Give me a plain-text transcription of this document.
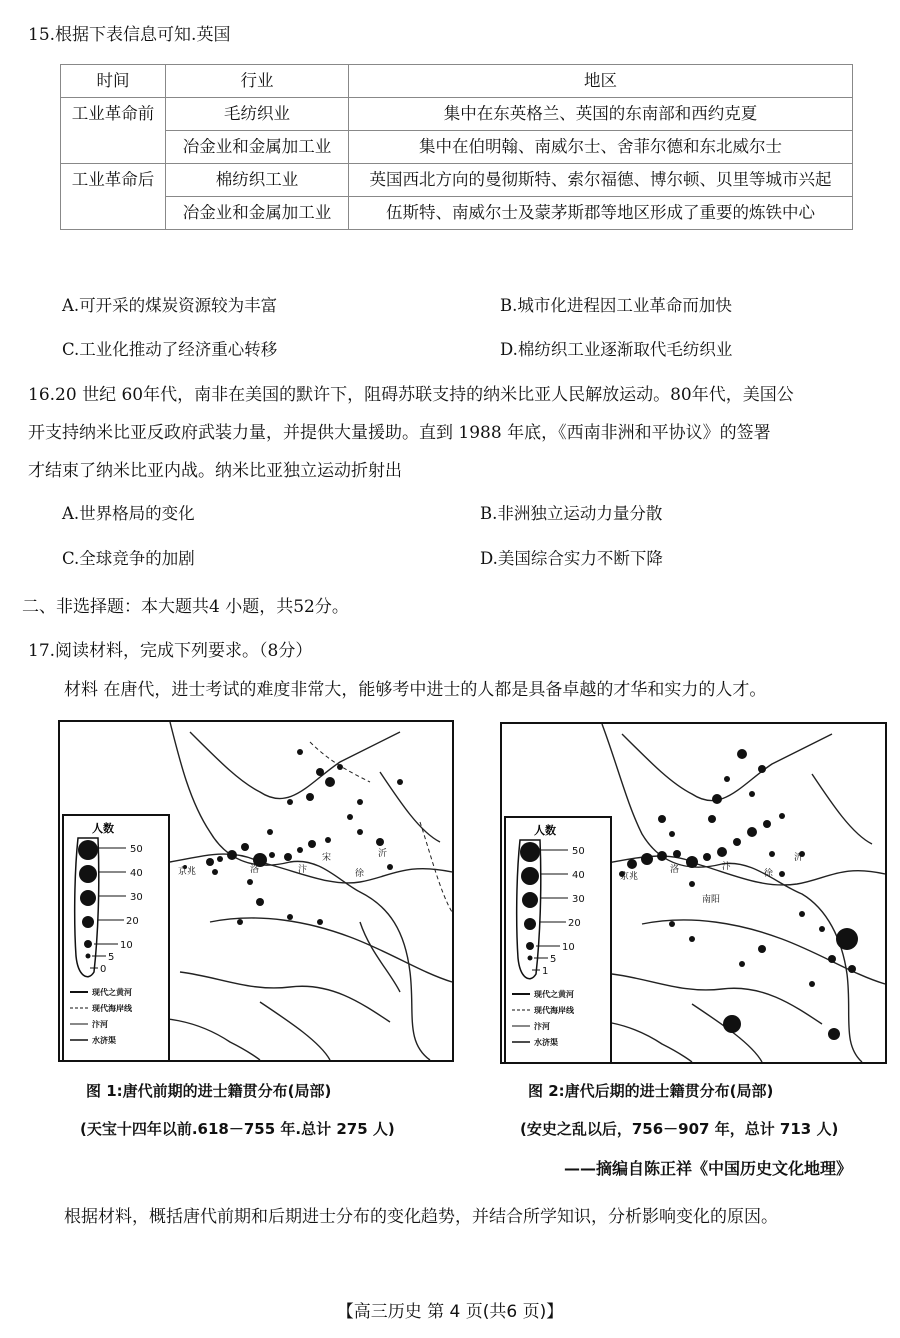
15.根据下表信息可知.英国
时间	行业	地区
工业革命前	毛纺织业	集中在东英格兰、英国的东南部和西约克夏
	冶金业和金属加工业	集中在伯明翰、南威尔士、舍菲尔德和东北威尔士
工业革命后	棉纺织工业	英国西北方向的曼彻斯特、索尔福德、博尔顿、贝里等城市兴起
	冶金业和金属加工业	伍斯特、南威尔士及蒙茅斯郡等地区形成了重要的炼铁中心
A.可开采的煤炭资源较为丰富	B.城市化进程因工业革命而加快
C.工业化推动了经济重心转移	D.棉纺织工业逐渐取代毛纺织业
16.20 世纪 60年代，南非在美国的默许下，阻碍苏联支持的纳米比亚人民解放运动。80年代，美国公
开支持纳米比亚反政府武装力量，并提供大量援助。直到 1988 年底，《西南非洲和平协议》的签署
才结束了纳米比亚内战。纳米比亚独立运动折射出
A.世界格局的变化	B.非洲独立运动力量分散
C.全球竞争的加剧	D.美国综合实力不断下降
二、非选择题：本大题共4 小题，共52分。
17.阅读材料，完成下列要求。（8分）
材料 在唐代，进士考试的难度非常大，能够考中进士的人都是具备卓越的才华和实力的人才。
京兆	洛	汴
宋
徐
沂
人数
50
40
30
20
10
5
0
现代之黄河
现代海岸线
汴河
水济渠
京兆
洛	汴
徐
沂
南阳
人数
50
40
30
20
10
5
1
现代之黄河
现代海岸线
汴河
水济渠
图 1:唐代前期的进士籍贯分布(局部)
(天宝十四年以前.618－755 年.总计 275 人)
图 2:唐代后期的进士籍贯分布(局部)
(安史之乱以后，756－907 年，总计 713 人)
——摘编自陈正祥《中国历史文化地理》
根据材料，概括唐代前期和后期进士分布的变化趋势，并结合所学知识，分析影响变化的原因。
【高三历史 第 4 页(共6 页)】
